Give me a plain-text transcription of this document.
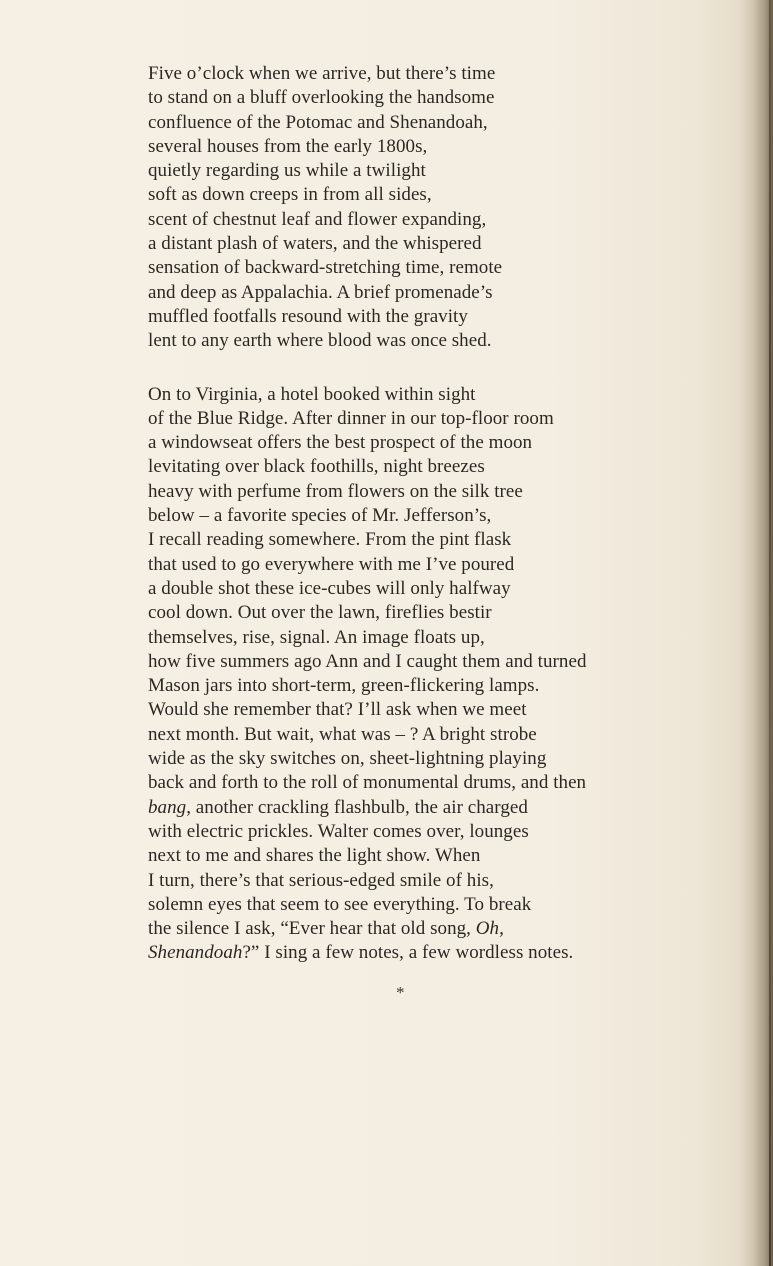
Five o’clock when we arrive, but there’s time
to stand on a bluff overlooking the handsome
confluence of the Potomac and Shenandoah,
several houses from the early 1800s,
quietly regarding us while a twilight
soft as down creeps in from all sides,
scent of chestnut leaf and flower expanding,
a distant plash of waters, and the whispered
sensation of backward-stretching time, remote
and deep as Appalachia. A brief promenade’s
muffled footfalls resound with the gravity
lent to any earth where blood was once shed.

On to Virginia, a hotel booked within sight
of the Blue Ridge. After dinner in our top-floor room
a windowseat offers the best prospect of the moon
levitating over black foothills, night breezes
heavy with perfume from flowers on the silk tree
below – a favorite species of Mr. Jefferson’s,
I recall reading somewhere. From the pint flask
that used to go everywhere with me I’ve poured
a double shot these ice-cubes will only halfway
cool down. Out over the lawn, fireflies bestir
themselves, rise, signal. An image floats up,
how five summers ago Ann and I caught them and turned
Mason jars into short-term, green-flickering lamps.
Would she remember that? I’ll ask when we meet
next month. But wait, what was – ? A bright strobe
wide as the sky switches on, sheet-lightning playing
back and forth to the roll of monumental drums, and then
bang, another crackling flashbulb, the air charged
with electric prickles. Walter comes over, lounges
next to me and shares the light show. When
I turn, there’s that serious-edged smile of his,
solemn eyes that seem to see everything. To break
the silence I ask, “Ever hear that old song, Oh,
Shenandoah?” I sing a few notes, a few wordless notes.

*
